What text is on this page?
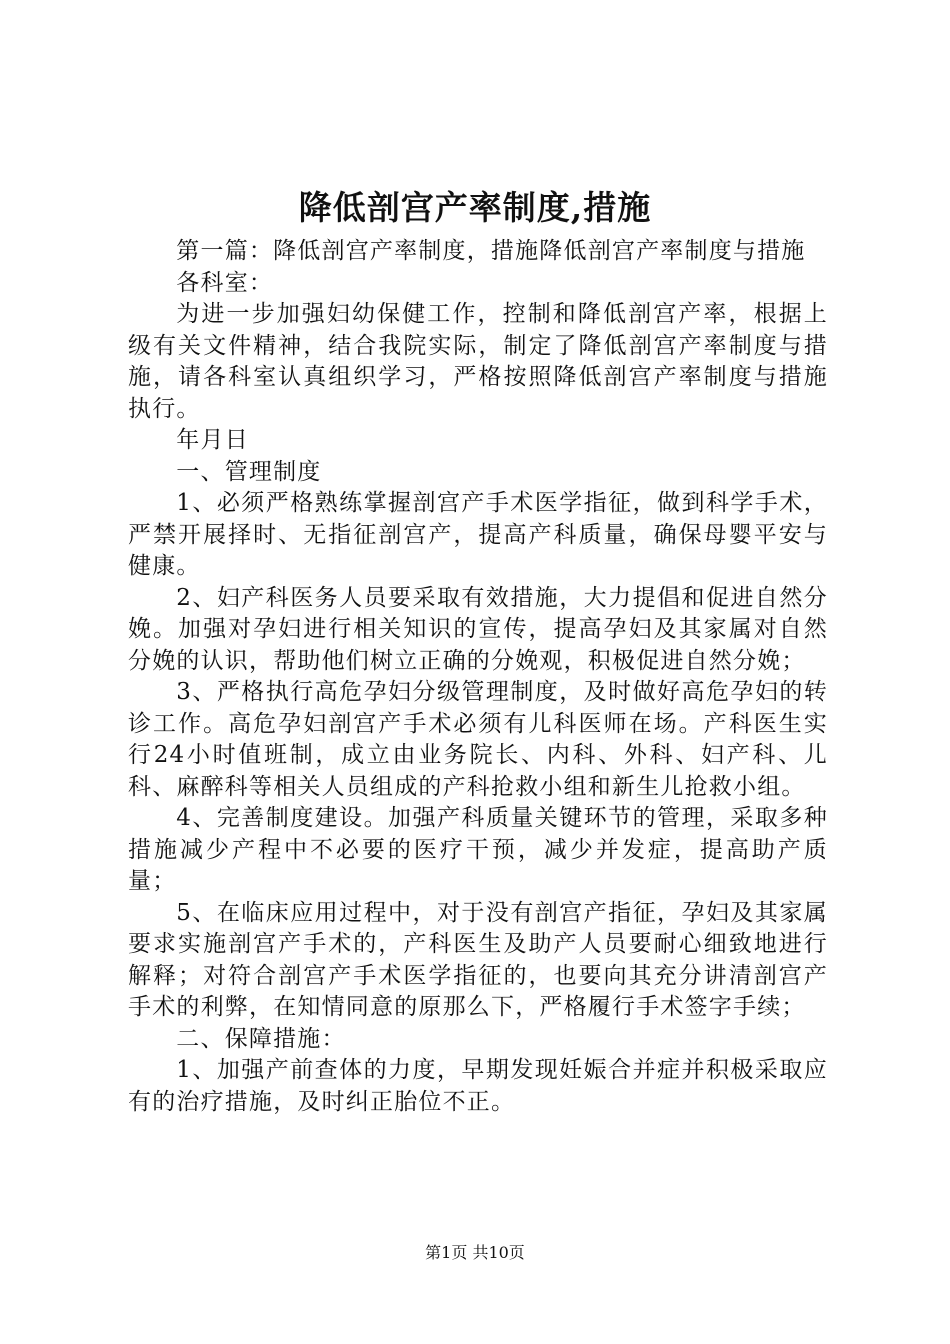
降低剖宫产率制度,措施

第一篇：降低剖宫产率制度，措施降低剖宫产率制度与措施

各科室：

为进一步加强妇幼保健工作，控制和降低剖宫产率，根据上级有关文件精神，结合我院实际，制定了降低剖宫产率制度与措施，请各科室认真组织学习，严格按照降低剖宫产率制度与措施执行。

年月日

一、管理制度

1、必须严格熟练掌握剖宫产手术医学指征，做到科学手术，严禁开展择时、无指征剖宫产，提高产科质量，确保母婴平安与健康。

2、妇产科医务人员要采取有效措施，大力提倡和促进自然分娩。加强对孕妇进行相关知识的宣传，提高孕妇及其家属对自然分娩的认识，帮助他们树立正确的分娩观，积极促进自然分娩；

3、严格执行高危孕妇分级管理制度，及时做好高危孕妇的转诊工作。高危孕妇剖宫产手术必须有儿科医师在场。产科医生实行24小时值班制，成立由业务院长、内科、外科、妇产科、儿科、麻醉科等相关人员组成的产科抢救小组和新生儿抢救小组。

4、完善制度建设。加强产科质量关键环节的管理，采取多种措施减少产程中不必要的医疗干预，减少并发症，提高助产质量；

5、在临床应用过程中，对于没有剖宫产指征，孕妇及其家属要求实施剖宫产手术的，产科医生及助产人员要耐心细致地进行解释；对符合剖宫产手术医学指征的，也要向其充分讲清剖宫产手术的利弊，在知情同意的原那么下，严格履行手术签字手续；

二、保障措施：

1、加强产前查体的力度，早期发现妊娠合并症并积极采取应有的治疗措施，及时纠正胎位不正。

第1页 共10页
